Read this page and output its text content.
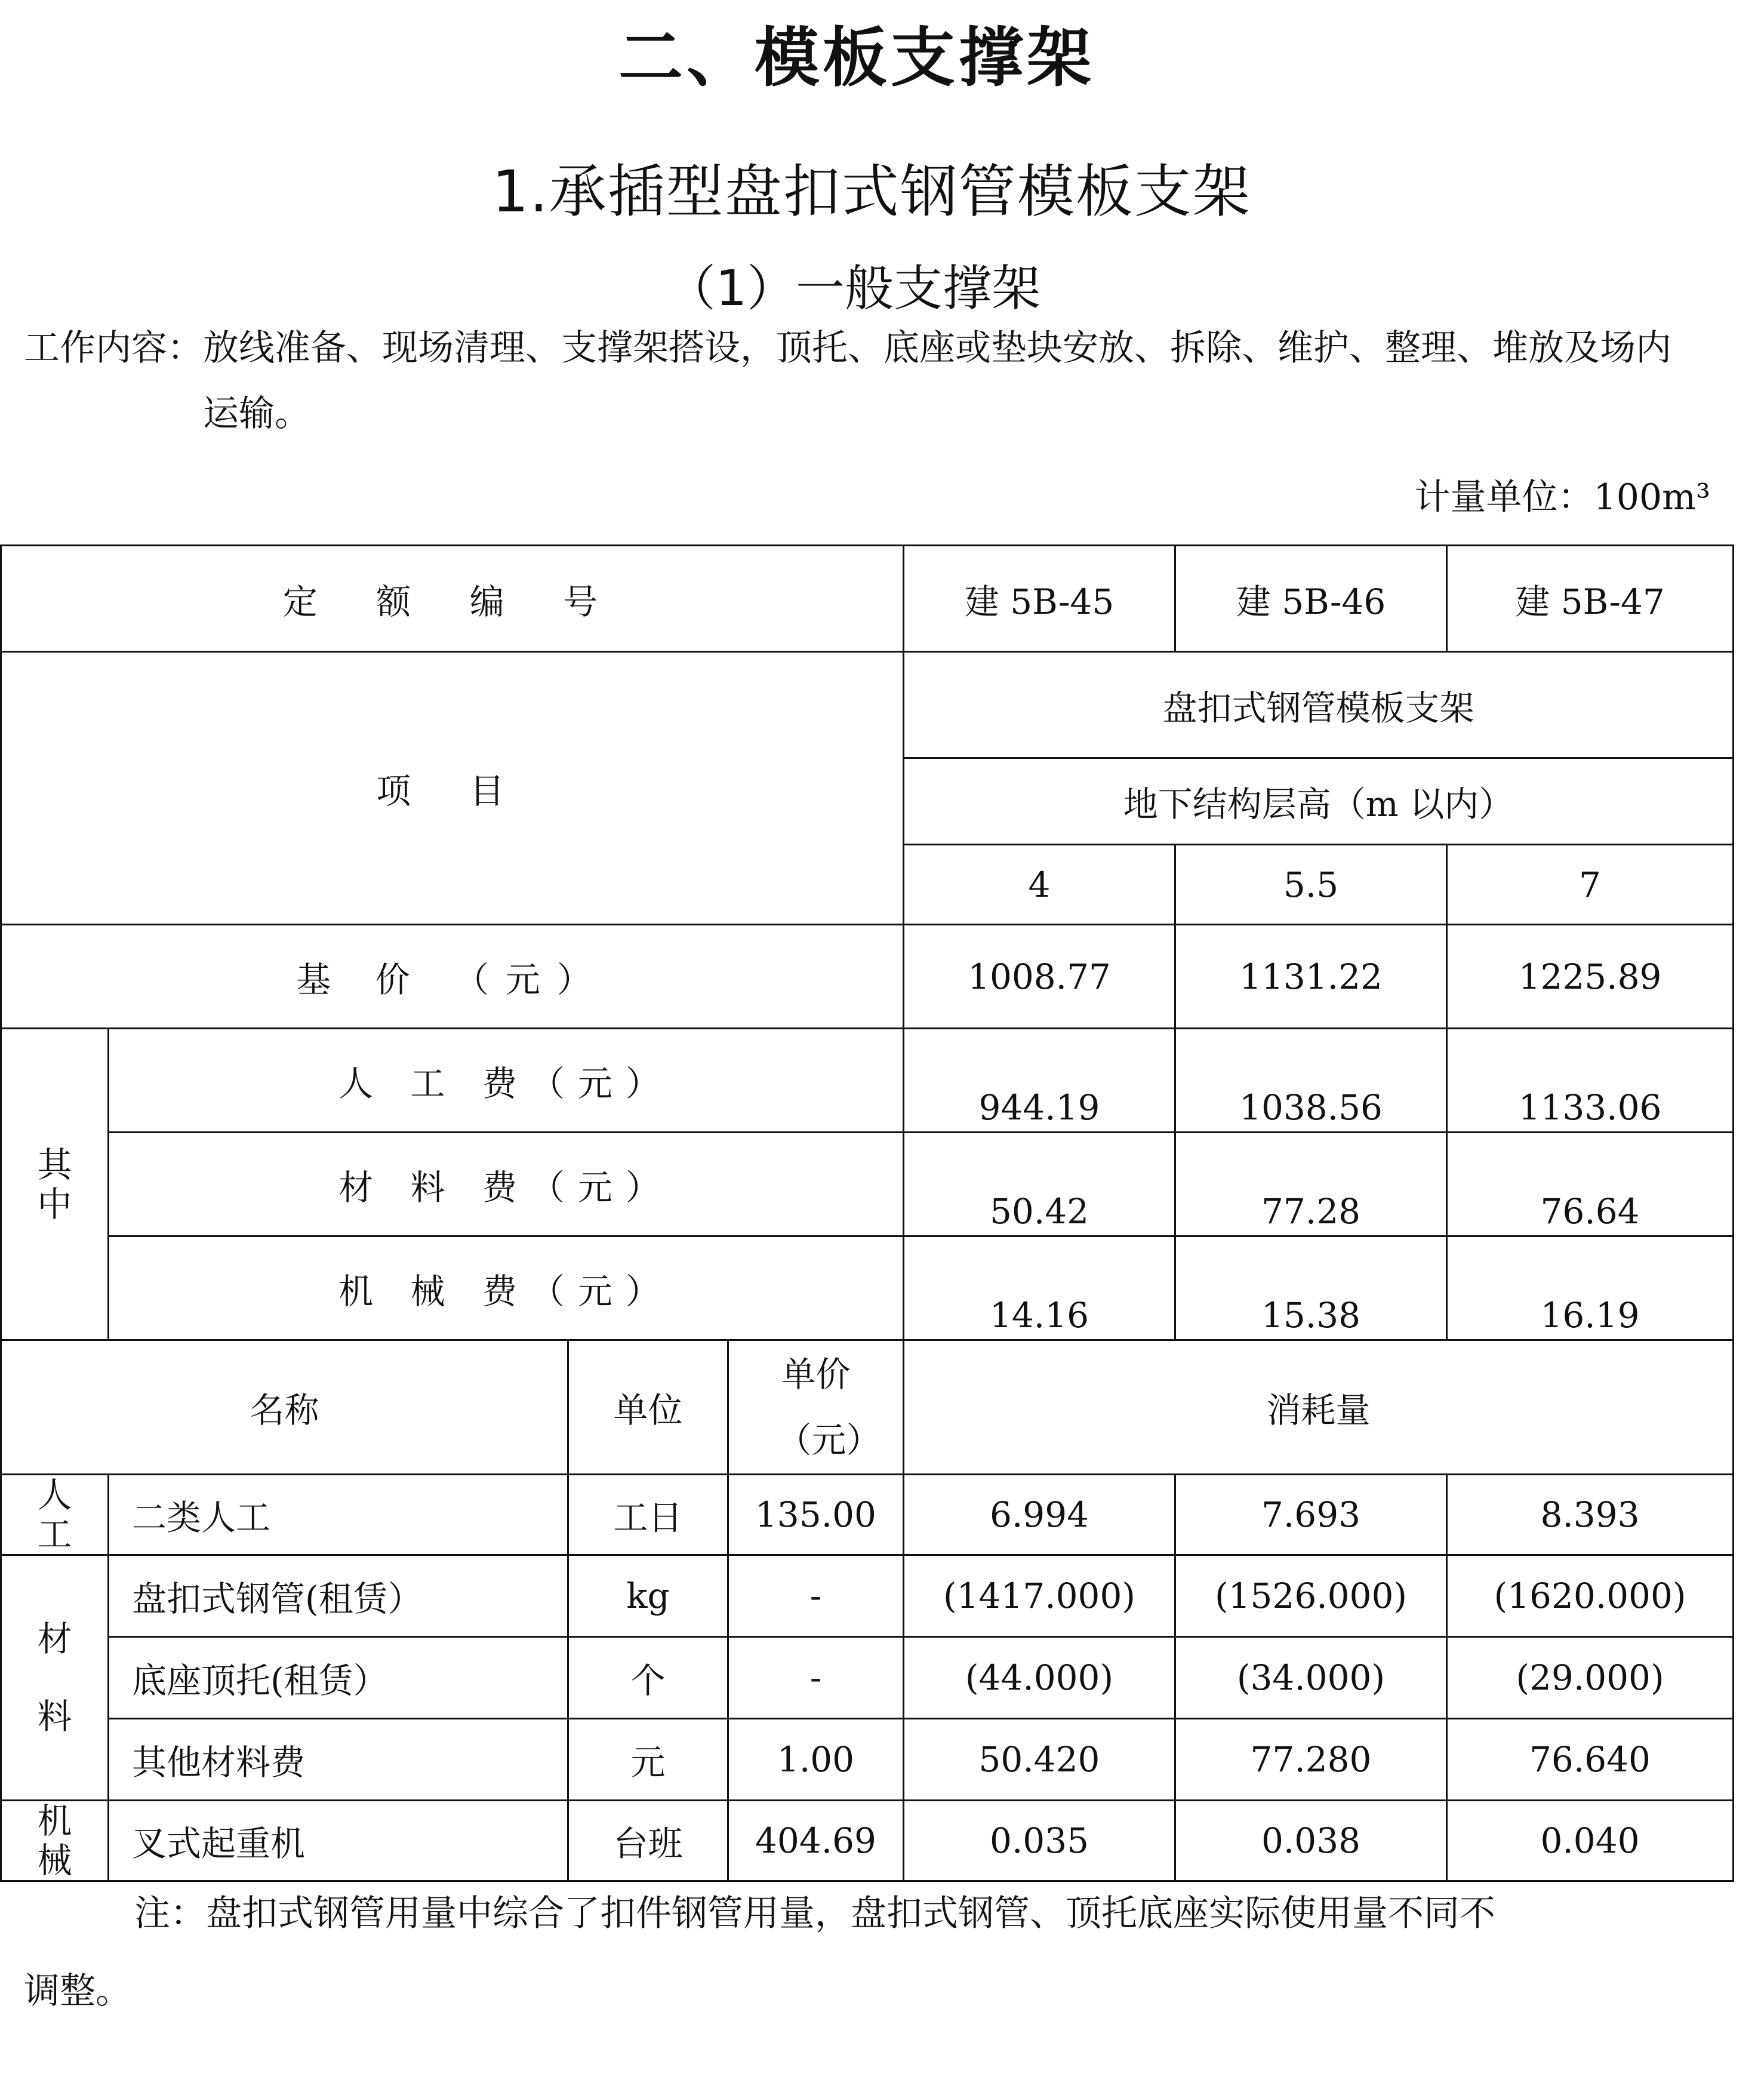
二、模板支撑架
1.承插型盘扣式钢管模板支架
（1）一般支撑架
工作内容：放线准备、现场清理、支撑架搭设，顶托、底座或垫块安放、拆除、维护、整理、堆放及场内
运输。
计量单位：100m³
定 额 编 号				建 5B-45	建 5B-46	建 5B-47
项 目				盘扣式钢管模板支架		
				地下结构层高（m 以内）		
				4	5.5	7
基 价 （元）				1008.77	1131.22	1225.89
其中	人 工 费（元）			944.19	1038.56	1133.06
	材 料 费（元）			50.42	77.28	76.64
	机 械 费（元）			14.16	15.38	16.19
名称		单位	单价（元）	消耗量		
人工	二类人工	工日	135.00	6.994	7.693	8.393
材料	盘扣式钢管(租赁）	kg	-	(1417.000)	(1526.000)	(1620.000)
	底座顶托(租赁）	个	-	(44.000)	(34.000)	(29.000)
	其他材料费	元	1.00	50.420	77.280	76.640
机械	叉式起重机	台班	404.69	0.035	0.038	0.040
注：盘扣式钢管用量中综合了扣件钢管用量，盘扣式钢管、顶托底座实际使用量不同不
调整。
